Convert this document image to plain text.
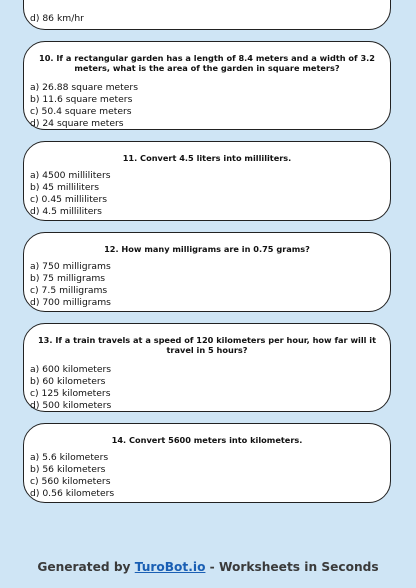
d) 86 km/hr
10. If a rectangular garden has a length of 8.4 meters and a width of 3.2 meters, what is the area of the garden in square meters?
a) 26.88 square meters
b) 11.6 square meters
c) 50.4 square meters
d) 24 square meters
11. Convert 4.5 liters into milliliters.
a) 4500 milliliters
b) 45 milliliters
c) 0.45 milliliters
d) 4.5 milliliters
12. How many milligrams are in 0.75 grams?
a) 750 milligrams
b) 75 milligrams
c) 7.5 milligrams
d) 700 milligrams
13. If a train travels at a speed of 120 kilometers per hour, how far will it travel in 5 hours?
a) 600 kilometers
b) 60 kilometers
c) 125 kilometers
d) 500 kilometers
14. Convert 5600 meters into kilometers.
a) 5.6 kilometers
b) 56 kilometers
c) 560 kilometers
d) 0.56 kilometers
Generated by TuroBot.io - Worksheets in Seconds
